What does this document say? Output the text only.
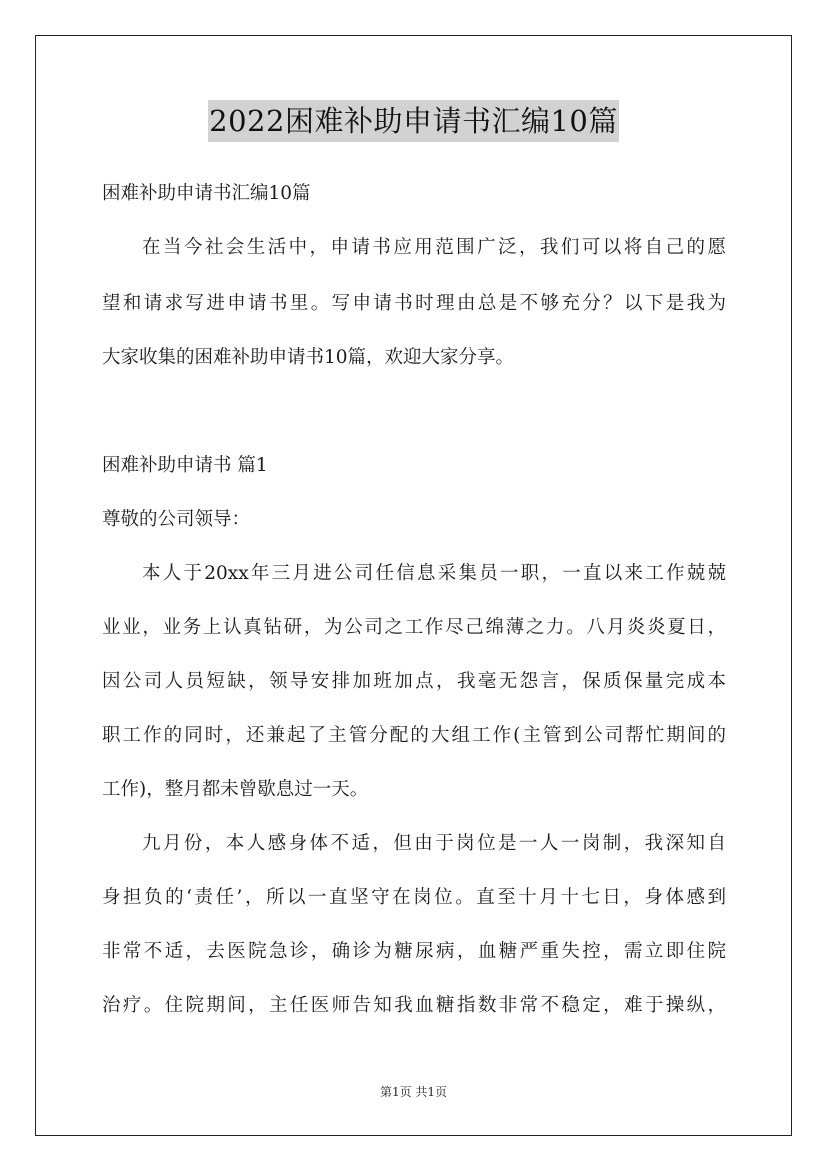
2022困难补助申请书汇编10篇
困难补助申请书汇编10篇
在当今社会生活中，申请书应用范围广泛，我们可以将自己的愿
望和请求写进申请书里。写申请书时理由总是不够充分？以下是我为
大家收集的困难补助申请书10篇，欢迎大家分享。
困难补助申请书 篇1
尊敬的公司领导：
本人于20xx年三月进公司任信息采集员一职，一直以来工作兢兢
业业，业务上认真钻研，为公司之工作尽己绵薄之力。八月炎炎夏日，
因公司人员短缺，领导安排加班加点，我毫无怨言，保质保量完成本
职工作的同时，还兼起了主管分配的大组工作(主管到公司帮忙期间的
工作)，整月都未曾歇息过一天。
九月份，本人感身体不适，但由于岗位是一人一岗制，我深知自
身担负的‘责任’，所以一直坚守在岗位。直至十月十七日，身体感到
非常不适，去医院急诊，确诊为糖尿病，血糖严重失控，需立即住院
治疗。住院期间，主任医师告知我血糖指数非常不稳定，难于操纵，
第1页 共1页
